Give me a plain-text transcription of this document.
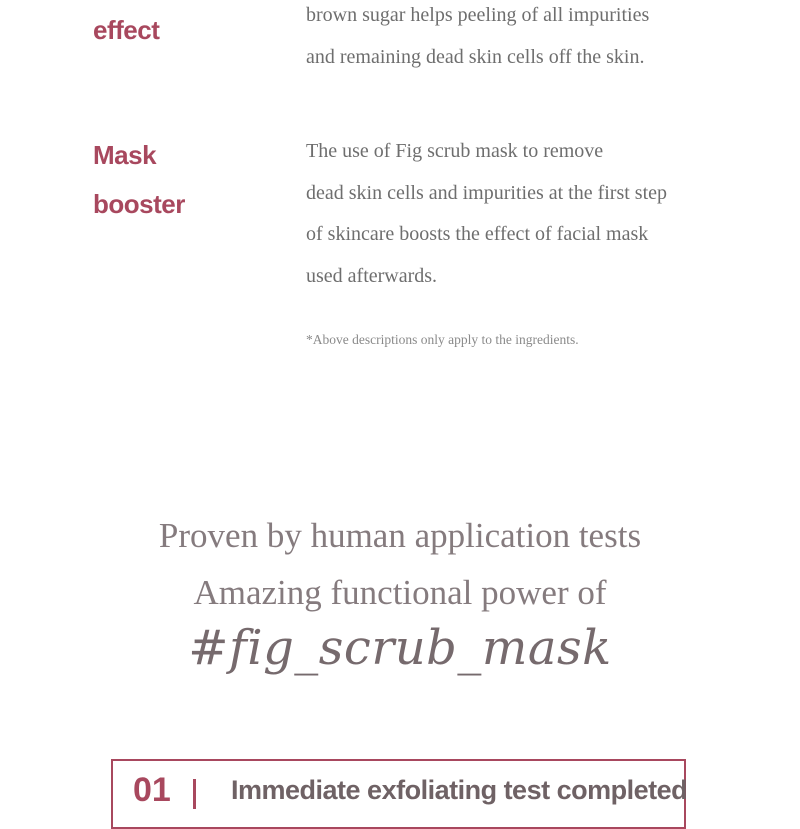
effect	brown sugar helps peeling of all impurities
and remaining dead skin cells off the skin.

Mask
booster

The use of Fig scrub mask to remove
dead skin cells and impurities at the first step
of skincare boosts the effect of facial mask
used afterwards.

*Above descriptions only apply to the ingredients.

Proven by human application tests

Amazing functional power of

#fig_scrub_mask

01 Immediate exfoliating test completed
